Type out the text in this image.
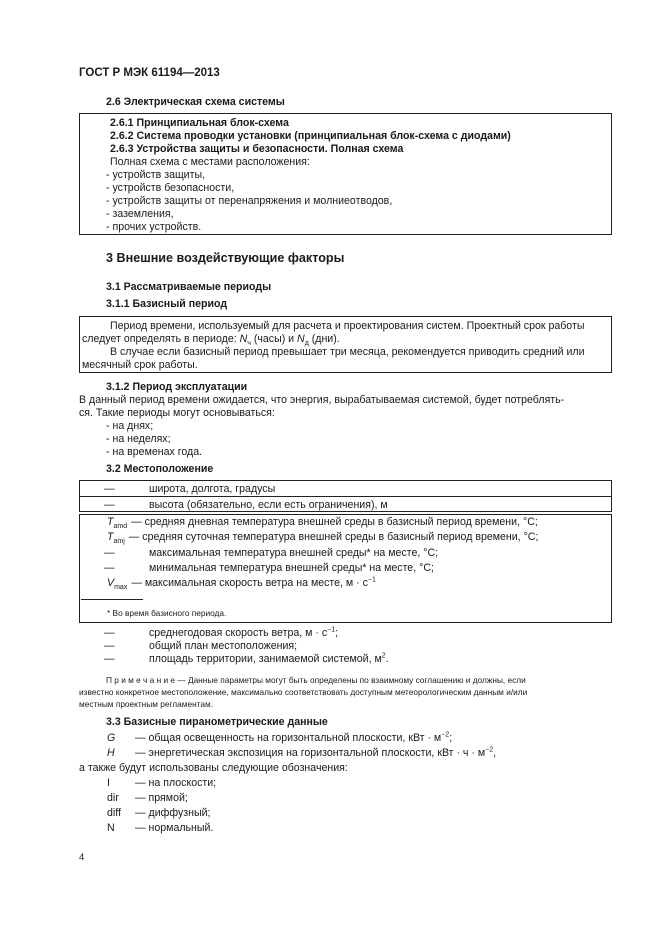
ГОСТ Р МЭК 61194—2013
2.6 Электрическая схема системы
2.6.1 Принципиальная блок-схема
2.6.2 Система проводки установки (принципиальная блок-схема с диодами)
2.6.3 Устройства защиты и безопасности. Полная схема
Полная схема с местами расположения:
- устройств защиты,
- устройств безопасности,
- устройств защиты от перенапряжения и молниеотводов,
- заземления,
- прочих устройств.
3 Внешние воздействующие факторы
3.1 Рассматриваемые периоды
3.1.1 Базисный период
Период времени, используемый для расчета и проектирования систем. Проектный срок работы
следует определять в периоде: $N_ч$ (часы) и $N_д$ (дни).
В случае если базисный период превышает три месяца, рекомендуется приводить средний или
месячный срок работы.
3.1.2 Период эксплуатации
В данный период времени ожидается, что энергия, вырабатываемая системой, будет потреблять-
ся. Такие периоды могут основываться:
- на днях;
- на неделях;
- на временах года.
3.2 Местоположение
—	широта, долгота, градусы
—	высота (обязательно, если есть ограничения), м
$T_{amd}$ — средняя дневная температура внешней среды в базисный период времени, °C;
$T_{amj}$ — средняя суточная температура внешней среды в базисный период времени, °C;
—	максимальная температура внешней среды* на месте, °C;
—	минимальная температура внешней среды* на месте, °C;
$V_{max}$ — максимальная скорость ветра на месте, $м \cdot с^{-1}$
* Во время базисного периода.
—	среднегодовая скорость ветра, $м \cdot с^{-1}$;
—	общий план местоположения;
—	площадь территории, занимаемой системой, $м^2$.
П р и м е ч а н и е — Данные параметры могут быть определены по взаимному соглашению и должны, если
известно конкретное местоположение, максимально соответствовать доступным метеорологическим данным и/или
местным проектным регламентам.
3.3 Базисные пиранометрические данные
G — общая освещенность на горизонтальной плоскости, кВт · $м^{-2}$;
H — энергетическая экспозиция на горизонтальной плоскости, кВт · $ч \cdot м^{-2}$,
а также будут использованы следующие обозначения:
I — на плоскости;
dir — прямой;
diff — диффузный;
N — нормальный.
4
